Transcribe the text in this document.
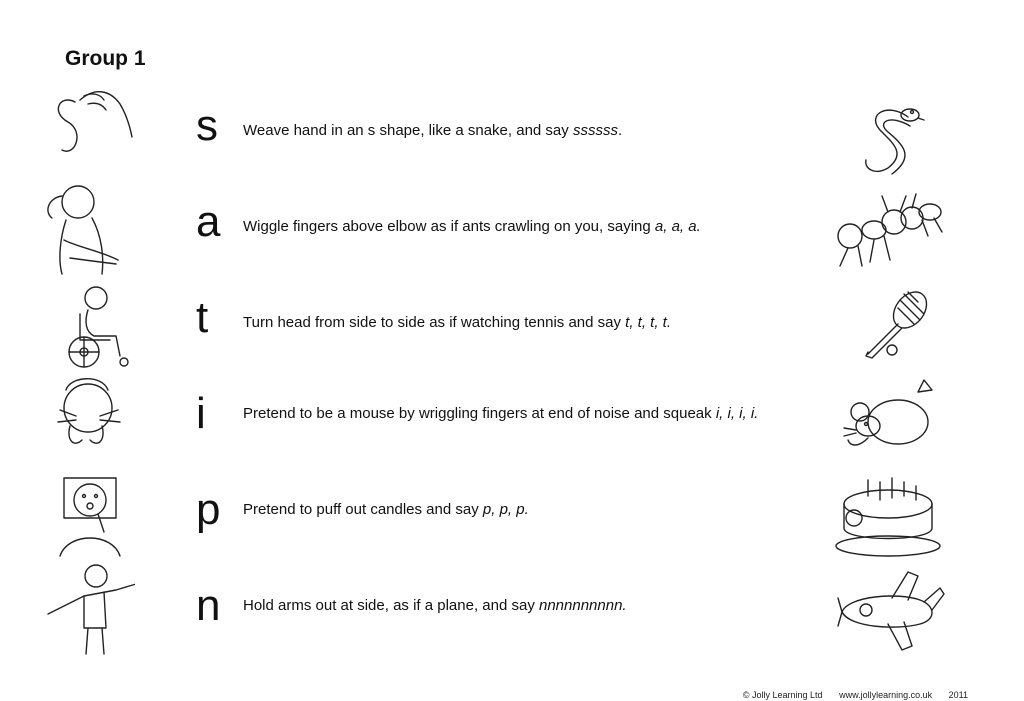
Group 1
s Weave hand in an s shape, like a snake, and say ssssss.
a Wiggle fingers above elbow as if ants crawling on you, saying a, a, a.
t Turn head from side to side as if watching tennis and say t, t, t, t.
i Pretend to be a mouse by wriggling fingers at end of noise and squeak i, i, i, i.
p Pretend to puff out candles and say p, p, p.
n Hold arms out at side, as if a plane, and say nnnnnnnnnn.
© Jolly Learning Ltd www.jollylearning.co.uk 2011
